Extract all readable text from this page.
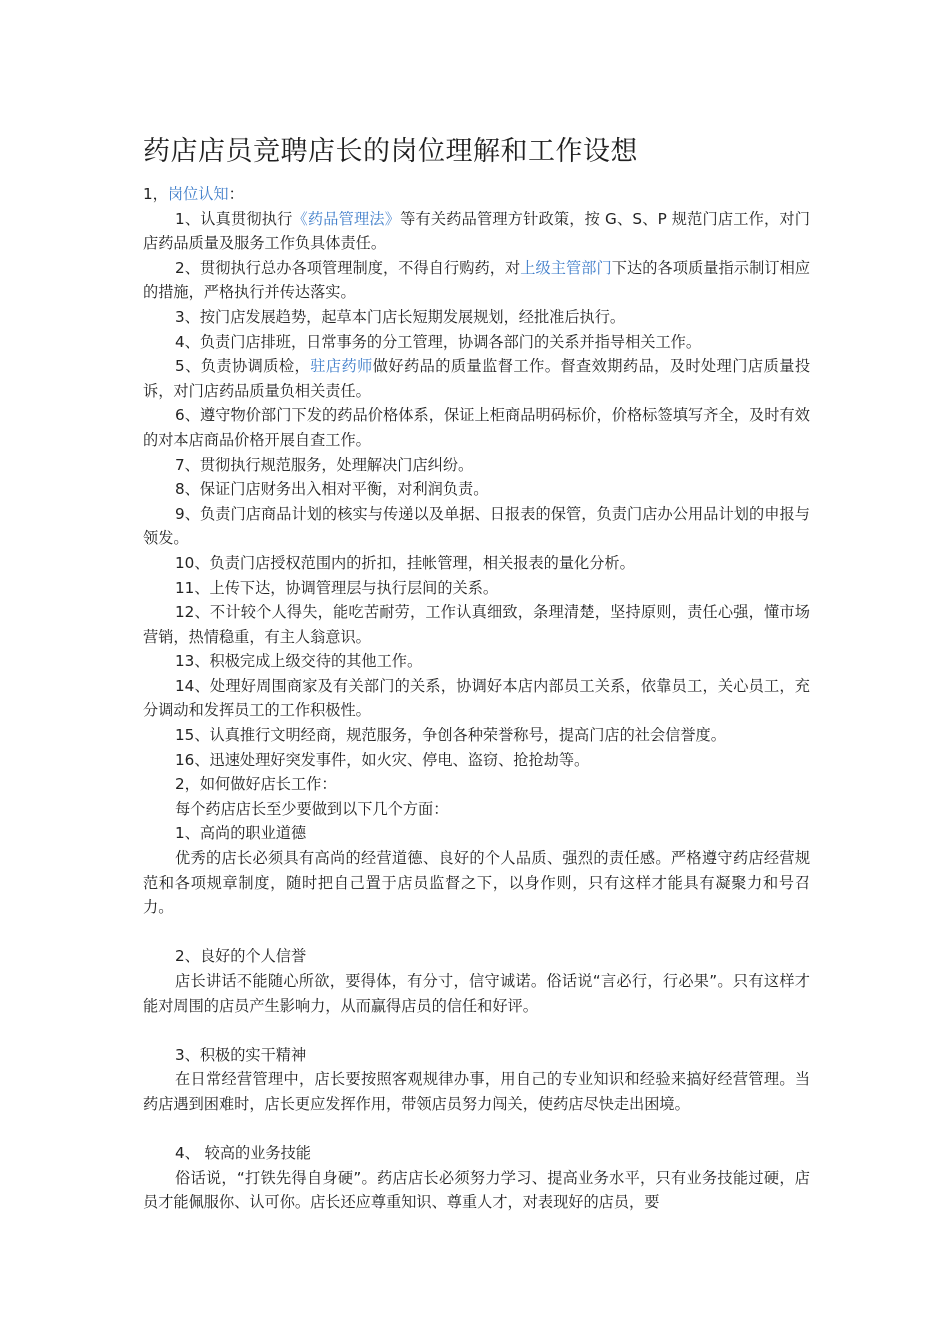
药店店员竞聘店长的岗位理解和工作设想

1，岗位认知：

1、认真贯彻执行《药品管理法》等有关药品管理方针政策，按 G、S、P 规范门店工作，对门店药品质量及服务工作负具体责任。

2、贯彻执行总办各项管理制度，不得自行购药，对上级主管部门下达的各项质量指示制订相应的措施，严格执行并传达落实。

3、按门店发展趋势，起草本门店长短期发展规划，经批准后执行。

4、负责门店排班，日常事务的分工管理，协调各部门的关系并指导相关工作。

5、负责协调质检，驻店药师做好药品的质量监督工作。督查效期药品，及时处理门店质量投诉，对门店药品质量负相关责任。

6、遵守物价部门下发的药品价格体系，保证上柜商品明码标价，价格标签填写齐全，及时有效的对本店商品价格开展自查工作。

7、贯彻执行规范服务，处理解决门店纠纷。

8、保证门店财务出入相对平衡，对利润负责。

9、负责门店商品计划的核实与传递以及单据、日报表的保管，负责门店办公用品计划的申报与领发。

10、负责门店授权范围内的折扣，挂帐管理，相关报表的量化分析。

11、上传下达，协调管理层与执行层间的关系。

12、不计较个人得失，能吃苦耐劳，工作认真细致，条理清楚，坚持原则，责任心强，懂市场营销，热情稳重，有主人翁意识。

13、积极完成上级交待的其他工作。

14、处理好周围商家及有关部门的关系，协调好本店内部员工关系，依靠员工，关心员工，充分调动和发挥员工的工作积极性。

15、认真推行文明经商，规范服务，争创各种荣誉称号，提高门店的社会信誉度。

16、迅速处理好突发事件，如火灾、停电、盗窃、抢抢劫等。

2，如何做好店长工作：

每个药店店长至少要做到以下几个方面：

1、高尚的职业道德

优秀的店长必须具有高尚的经营道德、良好的个人品质、强烈的责任感。严格遵守药店经营规范和各项规章制度，随时把自己置于店员监督之下，以身作则，只有这样才能具有凝聚力和号召力。

2、良好的个人信誉

店长讲话不能随心所欲，要得体，有分寸，信守诚诺。俗话说“言必行，行必果”。只有这样才能对周围的店员产生影响力，从而赢得店员的信任和好评。

3、积极的实干精神

在日常经营管理中，店长要按照客观规律办事，用自己的专业知识和经验来搞好经营管理。当药店遇到困难时，店长更应发挥作用，带领店员努力闯关，使药店尽快走出困境。

4、 较高的业务技能

俗话说，“打铁先得自身硬”。药店店长必须努力学习、提高业务水平，只有业务技能过硬，店员才能佩服你、认可你。店长还应尊重知识、尊重人才，对表现好的店员，要
